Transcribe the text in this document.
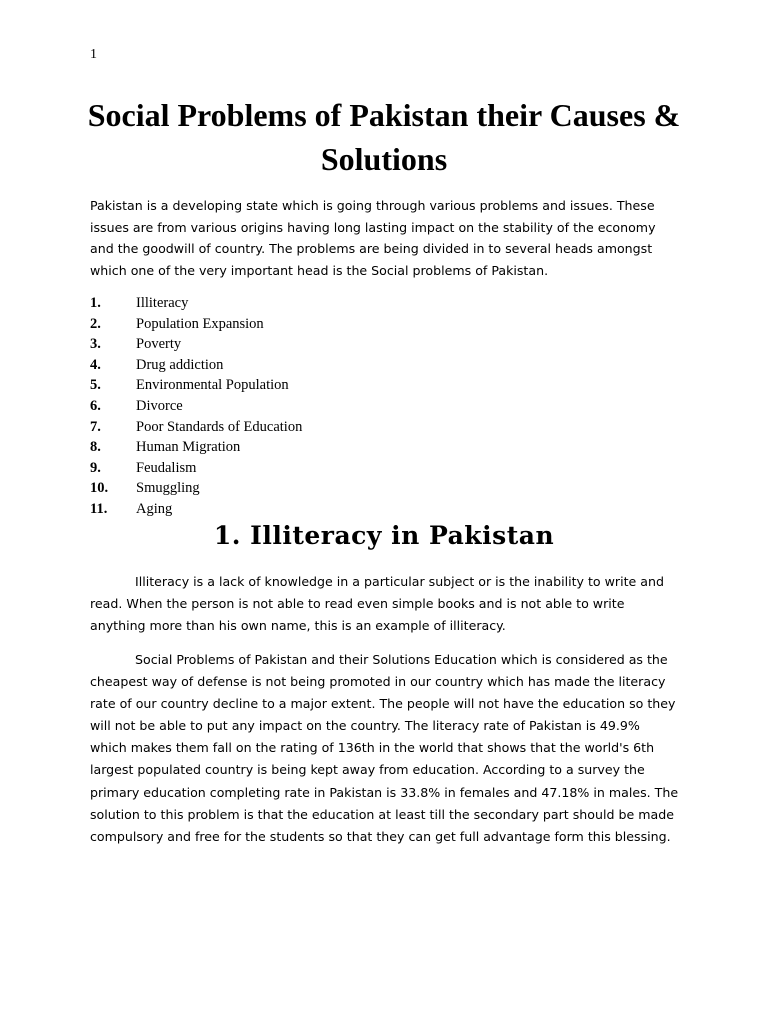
1
Social Problems of Pakistan their Causes & Solutions

Pakistan is a developing state which is going through various problems and issues. These issues are from various origins having long lasting impact on the stability of the economy and the goodwill of country. The problems are being divided in to several heads amongst which one of the very important head is the Social problems of Pakistan.

1. Illiteracy
2. Population Expansion
3. Poverty
4. Drug addiction
5. Environmental Population
6. Divorce
7. Poor Standards of Education
8. Human Migration
9. Feudalism
10. Smuggling
11. Aging
1. Illiteracy in Pakistan

Illiteracy is a lack of knowledge in a particular subject or is the inability to write and read. When the person is not able to read even simple books and is not able to write anything more than his own name, this is an example of illiteracy.

Social Problems of Pakistan and their Solutions Education which is considered as the cheapest way of defense is not being promoted in our country which has made the literacy rate of our country decline to a major extent. The people will not have the education so they will not be able to put any impact on the country. The literacy rate of Pakistan is 49.9% which makes them fall on the rating of 136th in the world that shows that the world's 6th largest populated country is being kept away from education. According to a survey the primary education completing rate in Pakistan is 33.8% in females and 47.18% in males. The solution to this problem is that the education at least till the secondary part should be made compulsory and free for the students so that they can get full advantage form this blessing.
